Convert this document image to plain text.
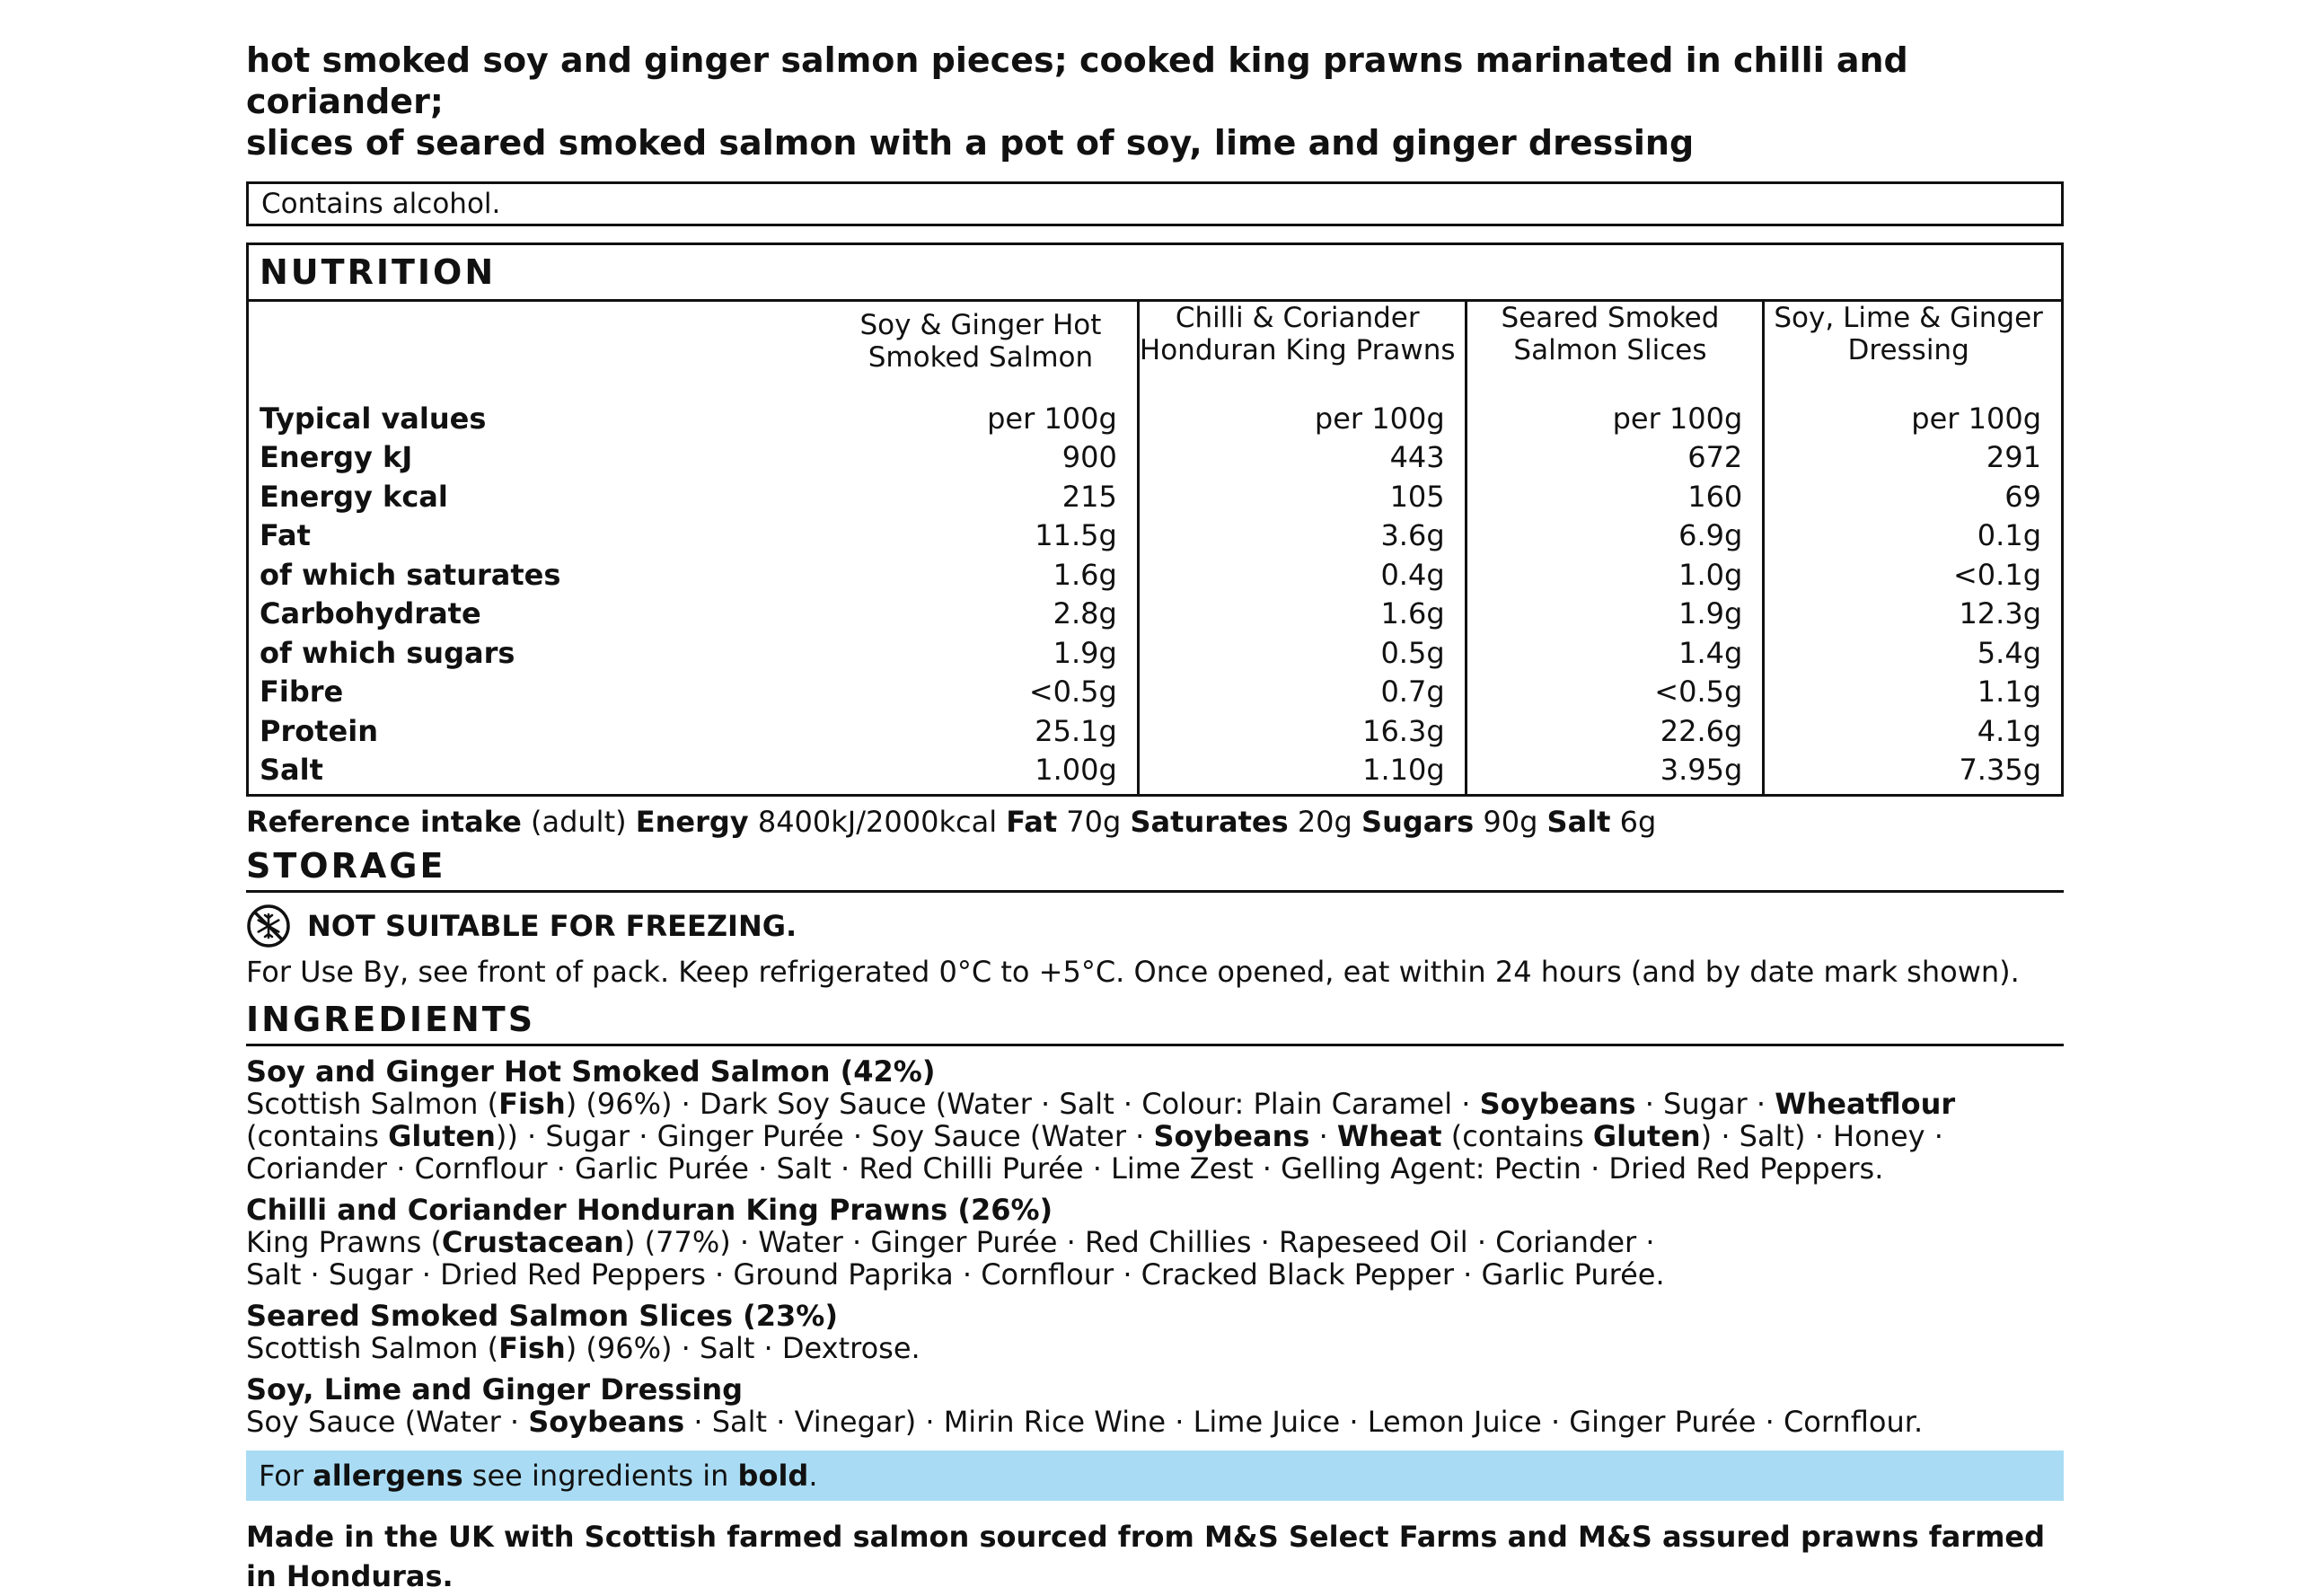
hot smoked soy and ginger salmon pieces; cooked king prawns marinated in chilli and coriander;
slices of seared smoked salmon with a pot of soy, lime and ginger dressing

Contains alcohol.
NUTRITION				
	Soy & Ginger Hot Smoked Salmon	Chilli & Coriander Honduran King Prawns	Seared Smoked Salmon Slices	Soy, Lime & Ginger Dressing
Typical values	per 100g	per 100g	per 100g	per 100g
Energy kJ	900	443	672	291
Energy kcal	215	105	160	69
Fat	11.5g	3.6g	6.9g	0.1g
of which saturates	1.6g	0.4g	1.0g	<0.1g
Carbohydrate	2.8g	1.6g	1.9g	12.3g
of which sugars	1.9g	0.5g	1.4g	5.4g
Fibre	<0.5g	0.7g	<0.5g	1.1g
Protein	25.1g	16.3g	22.6g	4.1g
Salt	1.00g	1.10g	3.95g	7.35g
Reference intake (adult) Energy 8400kJ/2000kcal Fat 70g Saturates 20g Sugars 90g Salt 6g
STORAGE
NOT SUITABLE FOR FREEZING.
For Use By, see front of pack. Keep refrigerated 0°C to +5°C. Once opened, eat within 24 hours (and by date mark shown).
INGREDIENTS
Soy and Ginger Hot Smoked Salmon (42%)
Scottish Salmon (Fish) (96%) · Dark Soy Sauce (Water · Salt · Colour: Plain Caramel · Soybeans · Sugar · Wheatflour
(contains Gluten)) · Sugar · Ginger Purée · Soy Sauce (Water · Soybeans · Wheat (contains Gluten) · Salt) · Honey ·
Coriander · Cornflour · Garlic Purée · Salt · Red Chilli Purée · Lime Zest · Gelling Agent: Pectin · Dried Red Peppers.
Chilli and Coriander Honduran King Prawns (26%)
King Prawns (Crustacean) (77%) · Water · Ginger Purée · Red Chillies · Rapeseed Oil · Coriander ·
Salt · Sugar · Dried Red Peppers · Ground Paprika · Cornflour · Cracked Black Pepper · Garlic Purée.
Seared Smoked Salmon Slices (23%)
Scottish Salmon (Fish) (96%) · Salt · Dextrose.
Soy, Lime and Ginger Dressing
Soy Sauce (Water · Soybeans · Salt · Vinegar) · Mirin Rice Wine · Lime Juice · Lemon Juice · Ginger Purée · Cornflour.
For allergens see ingredients in bold.
Made in the UK with Scottish farmed salmon sourced from M&S Select Farms and M&S assured prawns farmed in Honduras.
